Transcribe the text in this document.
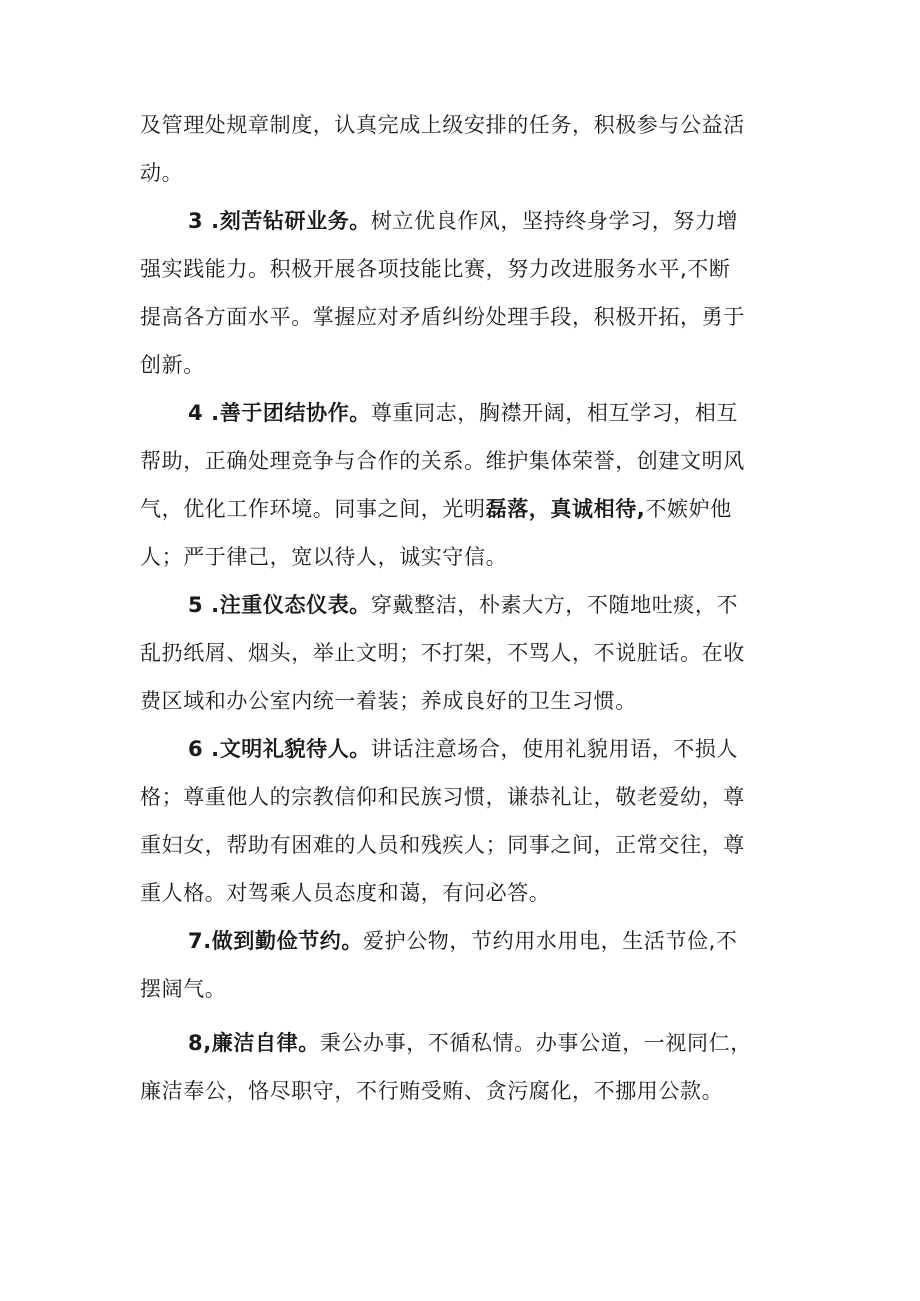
及管理处规章制度，认真完成上级安排的任务，积极参与公益活
动。
3 .刻苦钻研业务。树立优良作风，坚持终身学习，努力增
强实践能力。积极开展各项技能比赛，努力改进服务水平,不断
提高各方面水平。掌握应对矛盾纠纷处理手段，积极开拓，勇于
创新。
4 .善于团结协作。尊重同志，胸襟开阔，相互学习，相互
帮助，正确处理竞争与合作的关系。维护集体荣誉，创建文明风
气，优化工作环境。同事之间，光明磊落，真诚相待,不嫉妒他
人；严于律己，宽以待人，诚实守信。
5 .注重仪态仪表。穿戴整洁，朴素大方，不随地吐痰，不
乱扔纸屑、烟头，举止文明；不打架，不骂人，不说脏话。在收
费区域和办公室内统一着装；养成良好的卫生习惯。
6 .文明礼貌待人。讲话注意场合，使用礼貌用语，不损人
格；尊重他人的宗教信仰和民族习惯，谦恭礼让，敬老爱幼，尊
重妇女，帮助有困难的人员和残疾人；同事之间，正常交往，尊
重人格。对驾乘人员态度和蔼，有问必答。
7.做到勤俭节约。爱护公物，节约用水用电，生活节俭,不
摆阔气。
8,廉洁自律。秉公办事，不循私情。办事公道，一视同仁，
廉洁奉公，恪尽职守，不行贿受贿、贪污腐化，不挪用公款。
